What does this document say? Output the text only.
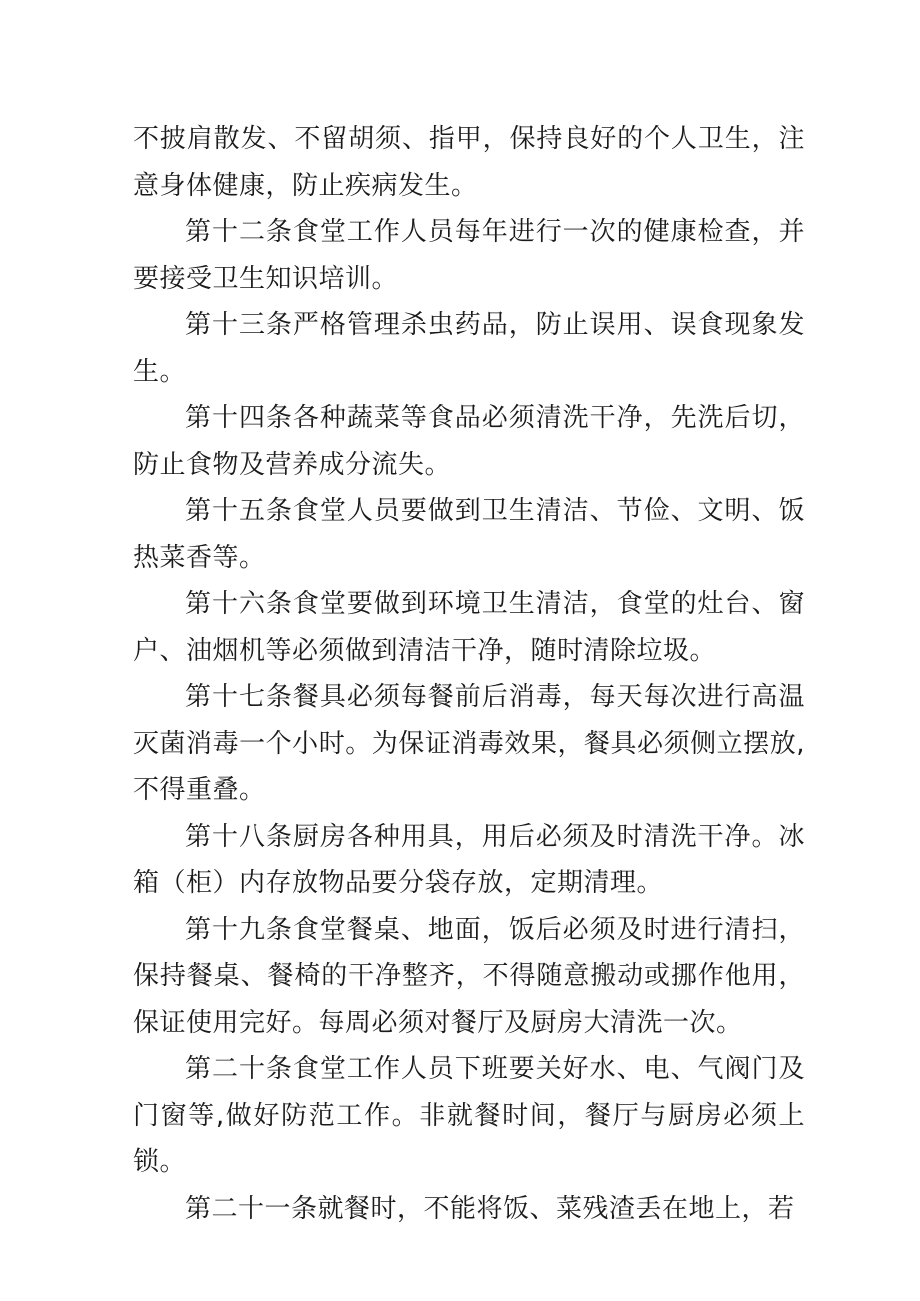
不披肩散发、不留胡须、指甲，保持良好的个人卫生，注意身体健康，防止疾病发生。

第十二条食堂工作人员每年进行一次的健康检查，并要接受卫生知识培训。

第十三条严格管理杀虫药品，防止误用、误食现象发生。

第十四条各种蔬菜等食品必须清洗干净，先洗后切，防止食物及营养成分流失。

第十五条食堂人员要做到卫生清洁、节俭、文明、饭热菜香等。

第十六条食堂要做到环境卫生清洁，食堂的灶台、窗户、油烟机等必须做到清洁干净，随时清除垃圾。

第十七条餐具必须每餐前后消毒，每天每次进行高温灭菌消毒一个小时。为保证消毒效果，餐具必须侧立摆放,不得重叠。

第十八条厨房各种用具，用后必须及时清洗干净。冰箱（柜）内存放物品要分袋存放，定期清理。

第十九条食堂餐桌、地面，饭后必须及时进行清扫，保持餐桌、餐椅的干净整齐，不得随意搬动或挪作他用，保证使用完好。每周必须对餐厅及厨房大清洗一次。

第二十条食堂工作人员下班要关好水、电、气阀门及门窗等,做好防范工作。非就餐时间，餐厅与厨房必须上锁。

第二十一条就餐时，不能将饭、菜残渣丢在地上，若
